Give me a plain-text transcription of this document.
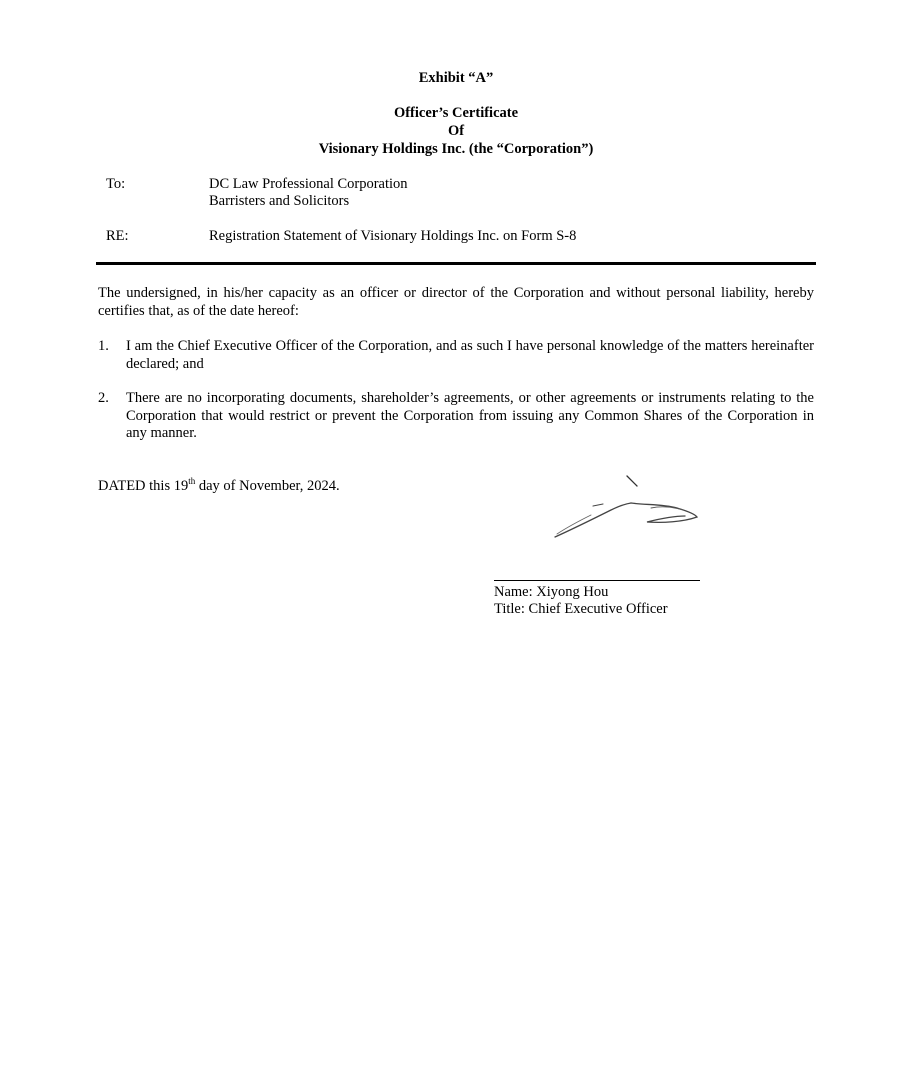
Exhibit “A”
Officer’s Certificate
Of
Visionary Holdings Inc. (the “Corporation”)
To:	DC Law Professional Corporation
Barristers and Solicitors
RE:	Registration Statement of Visionary Holdings Inc. on Form S-8
The undersigned, in his/her capacity as an officer or director of the Corporation and without personal liability, hereby certifies that, as of the date hereof:
1. I am the Chief Executive Officer of the Corporation, and as such I have personal knowledge of the matters hereinafter declared; and
2. There are no incorporating documents, shareholder’s agreements, or other agreements or instruments relating to the Corporation that would restrict or prevent the Corporation from issuing any Common Shares of the Corporation in any manner.
DATED this 19th day of November, 2024.
Name: Xiyong Hou
Title: Chief Executive Officer
